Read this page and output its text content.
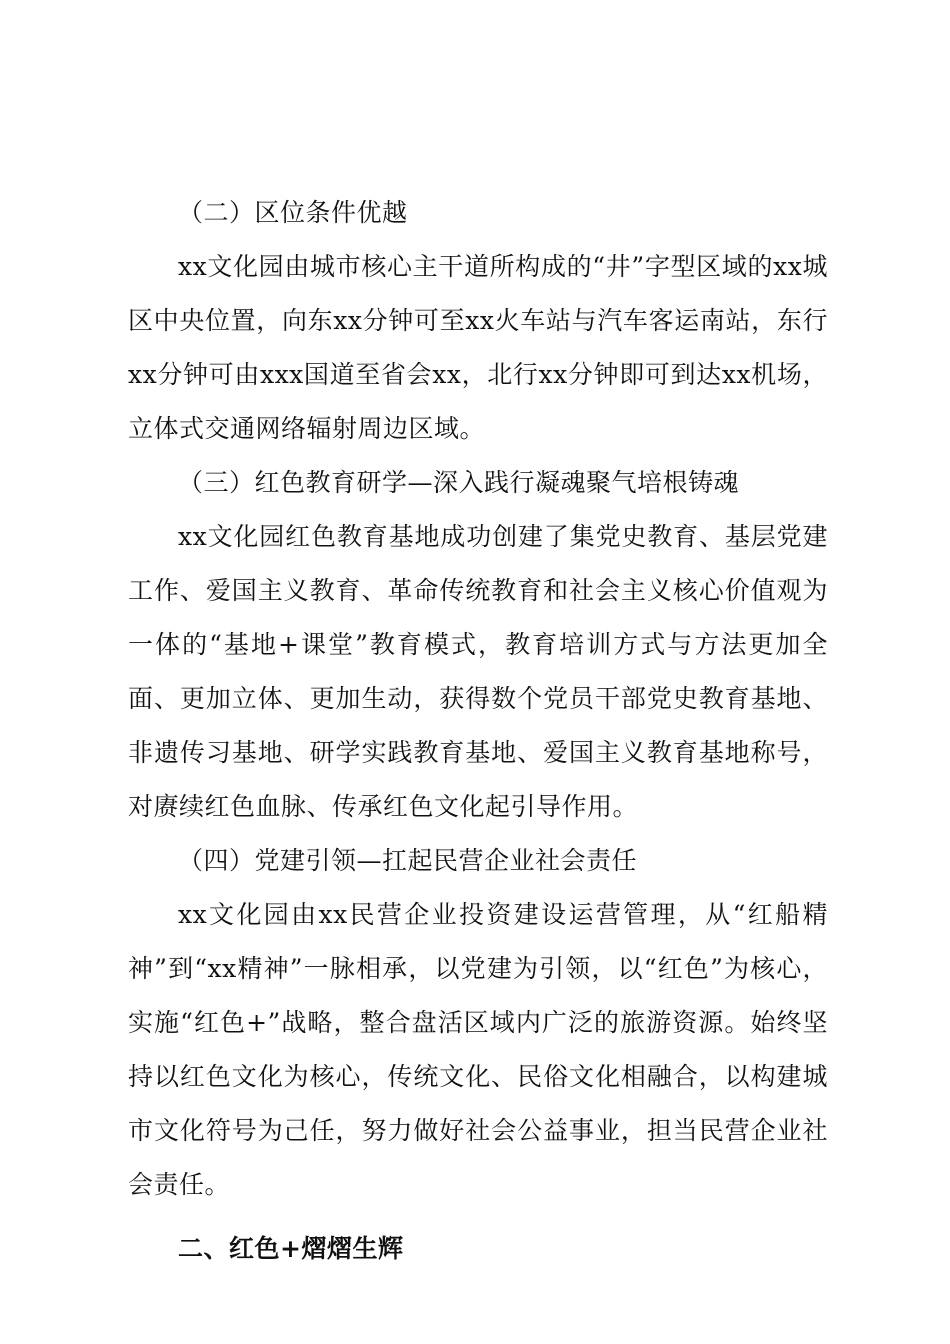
（二）区位条件优越

xx文化园由城市核心主干道所构成的“井”字型区域的xx城区中央位置，向东xx分钟可至xx火车站与汽车客运南站，东行xx分钟可由xxx国道至省会xx，北行xx分钟即可到达xx机场，立体式交通网络辐射周边区域。

（三）红色教育研学—深入践行凝魂聚气培根铸魂

xx文化园红色教育基地成功创建了集党史教育、基层党建工作、爱国主义教育、革命传统教育和社会主义核心价值观为一体的“基地+课堂”教育模式，教育培训方式与方法更加全面、更加立体、更加生动，获得数个党员干部党史教育基地、非遗传习基地、研学实践教育基地、爱国主义教育基地称号，对赓续红色血脉、传承红色文化起引导作用。

（四）党建引领—扛起民营企业社会责任

xx文化园由xx民营企业投资建设运营管理，从“红船精神”到“xx精神”一脉相承，以党建为引领，以“红色”为核心，实施“红色+”战略，整合盘活区域内广泛的旅游资源。始终坚持以红色文化为核心，传统文化、民俗文化相融合，以构建城市文化符号为己任，努力做好社会公益事业，担当民营企业社会责任。

二、红色+熠熠生辉
